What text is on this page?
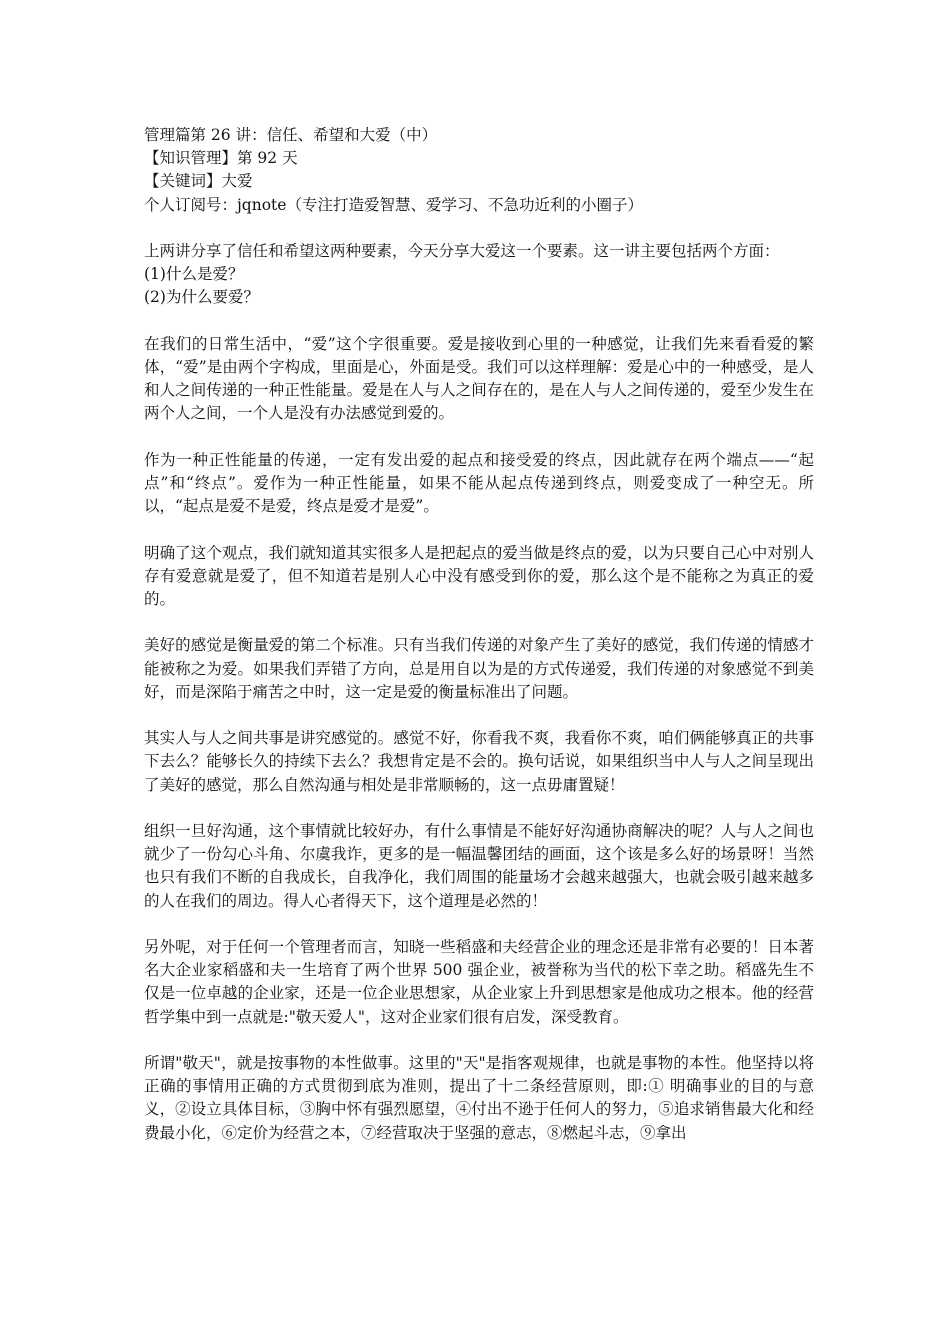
管理篇第 26 讲：信任、希望和大爱（中）
【知识管理】第 92 天
【关键词】大爱
个人订阅号：jqnote（专注打造爱智慧、爱学习、不急功近利的小圈子）
上两讲分享了信任和希望这两种要素，今天分享大爱这一个要素。这一讲主要包括两个方面：
(1)什么是爱？
(2)为什么要爱？

在我们的日常生活中，“爱”这个字很重要。爱是接收到心里的一种感觉，让我们先来看看爱的繁体，“爱”是由两个字构成，里面是心，外面是受。我们可以这样理解：爱是心中的一种感受，是人和人之间传递的一种正性能量。爱是在人与人之间存在的，是在人与人之间传递的，爱至少发生在两个人之间，一个人是没有办法感觉到爱的。

作为一种正性能量的传递，一定有发出爱的起点和接受爱的终点，因此就存在两个端点——“起点”和“终点”。爱作为一种正性能量，如果不能从起点传递到终点，则爱变成了一种空无。所以，“起点是爱不是爱，终点是爱才是爱”。

明确了这个观点，我们就知道其实很多人是把起点的爱当做是终点的爱，以为只要自己心中对别人存有爱意就是爱了，但不知道若是别人心中没有感受到你的爱，那么这个是不能称之为真正的爱的。

美好的感觉是衡量爱的第二个标准。只有当我们传递的对象产生了美好的感觉，我们传递的情感才能被称之为爱。如果我们弄错了方向，总是用自以为是的方式传递爱，我们传递的对象感觉不到美好，而是深陷于痛苦之中时，这一定是爱的衡量标准出了问题。

其实人与人之间共事是讲究感觉的。感觉不好，你看我不爽，我看你不爽，咱们俩能够真正的共事下去么？能够长久的持续下去么？我想肯定是不会的。换句话说，如果组织当中人与人之间呈现出了美好的感觉，那么自然沟通与相处是非常顺畅的，这一点毋庸置疑！

组织一旦好沟通，这个事情就比较好办，有什么事情是不能好好沟通协商解决的呢？人与人之间也就少了一份勾心斗角、尔虞我诈，更多的是一幅温馨团结的画面，这个该是多么好的场景呀！当然也只有我们不断的自我成长，自我净化，我们周围的能量场才会越来越强大，也就会吸引越来越多的人在我们的周边。得人心者得天下，这个道理是必然的！

另外呢，对于任何一个管理者而言，知晓一些稻盛和夫经营企业的理念还是非常有必要的！日本著名大企业家稻盛和夫一生培育了两个世界 500 强企业，被誉称为当代的松下幸之助。稻盛先生不仅是一位卓越的企业家，还是一位企业思想家，从企业家上升到思想家是他成功之根本。他的经营哲学集中到一点就是:"敬天爱人"，这对企业家们很有启发，深受教育。

所谓"敬天"，就是按事物的本性做事。这里的"天"是指客观规律，也就是事物的本性。他坚持以将正确的事情用正确的方式贯彻到底为准则，提出了十二条经营原则，即:① 明确事业的目的与意义，②设立具体目标，③胸中怀有强烈愿望，④付出不逊于任何人的努力，⑤追求销售最大化和经费最小化，⑥定价为经营之本，⑦经营取决于坚强的意志，⑧燃起斗志，⑨拿出
